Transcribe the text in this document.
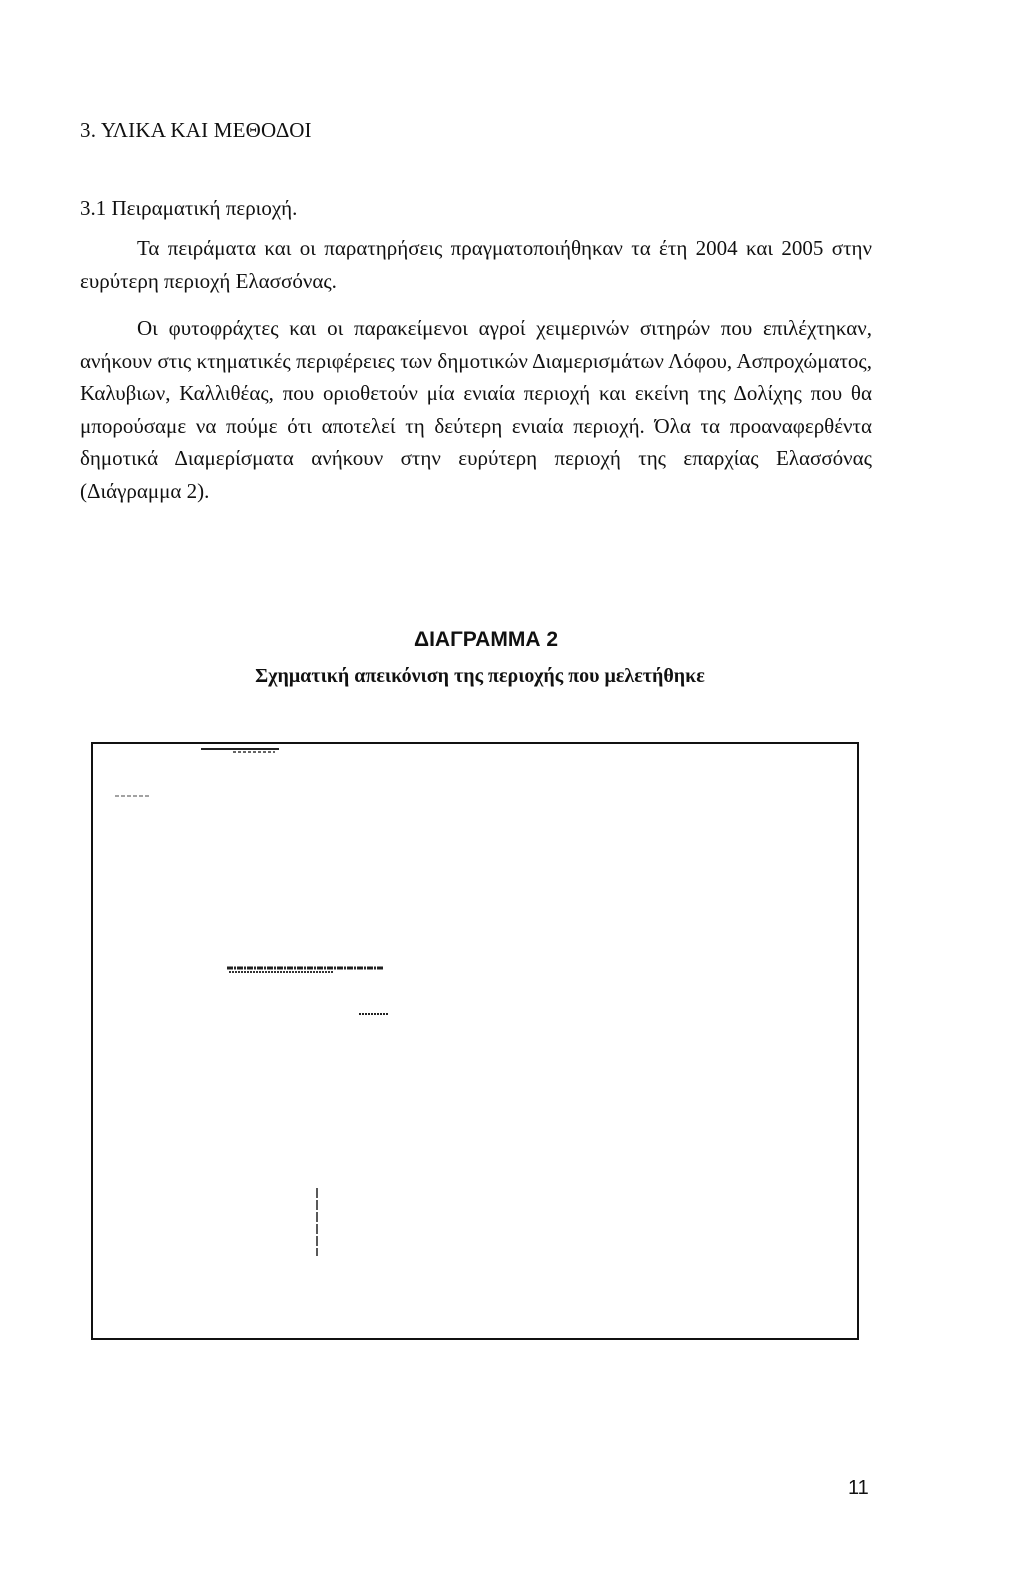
3. ΥΛΙΚΑ ΚΑΙ ΜΕΘΟΔΟΙ
3.1 Πειραματική περιοχή.

Τα πειράματα και οι παρατηρήσεις πραγματοποιήθηκαν τα έτη 2004 και 2005 στην ευρύτερη περιοχή Ελασσόνας.

Οι φυτοφράχτες και οι παρακείμενοι αγροί χειμερινών σιτηρών που επιλέχτηκαν, ανήκουν στις κτηματικές περιφέρειες των δημοτικών Διαμερισμάτων Λόφου, Ασπροχώματος, Καλυβιων, Καλλιθέας, που οριοθετούν μία ενιαία περιοχή και εκείνη της Δολίχης που θα μπορούσαμε να πούμε ότι αποτελεί τη δεύτερη ενιαία περιοχή. Όλα τα προαναφερθέντα δημοτικά Διαμερίσματα ανήκουν στην ευρύτερη περιοχή της επαρχίας Ελασσόνας (Διάγραμμα 2).

ΔΙΑΓΡΑΜΜΑ 2
Σχηματική απεικόνιση της περιοχής που μελετήθηκε
11
